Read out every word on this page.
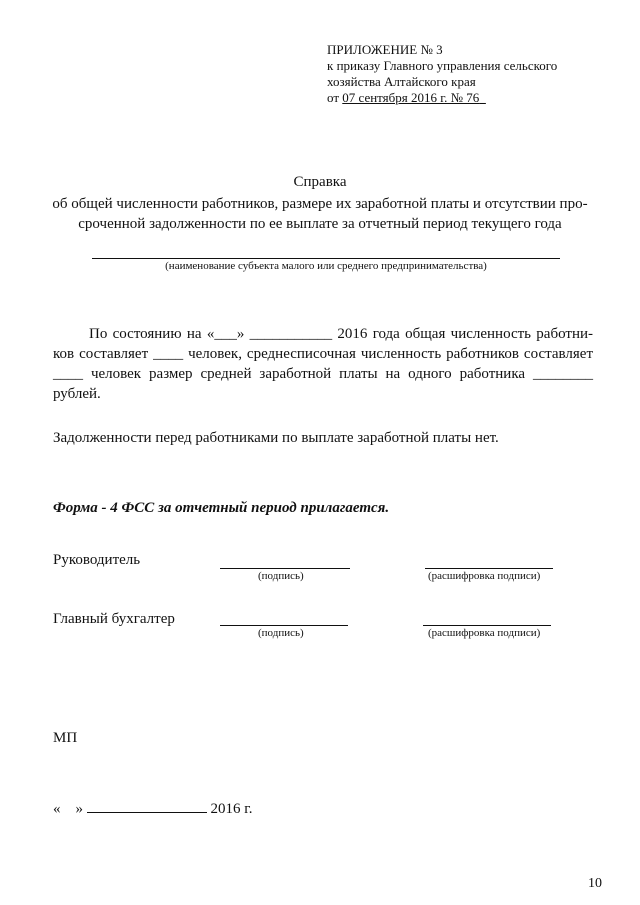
ПРИЛОЖЕНИЕ № 3
к приказу Главного управления сельского
хозяйства Алтайского края
от 07 сентября 2016 г. № 76_
Справка
об общей численности работников, размере их заработной платы и отсутствии про-
сроченной задолженности по ее выплате за отчетный период текущего года
(наименование субъекта малого или среднего предпринимательства)
По состоянию на «___» ___________ 2016 года общая численность работни-ков составляет ____ человек, среднесписочная численность работников составляет ____ человек размер средней заработной платы на одного работника ________ рублей.
Задолженности перед работниками по выплате заработной платы нет.
Форма - 4 ФСС за отчетный период прилагается.
Руководитель
(подпись)	(расшифровка подписи)
Главный бухгалтер
(подпись)	(расшифровка подписи)
МП
«    »	2016 г.
10
